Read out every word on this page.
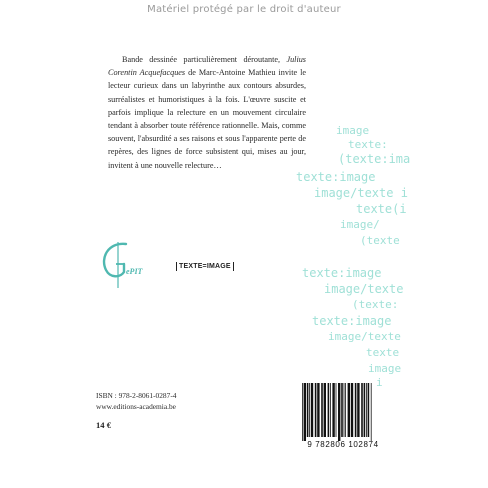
Matériel protégé par le droit d'auteur
Bande dessinée particulièrement déroutante, Julius Corentin Acquefacques de Marc-Antoine Mathieu invite le lecteur curieux dans un labyrinthe aux contours absurdes, surréalistes et humoristiques à la fois. L'œuvre suscite et parfois implique la relecture en un mouvement circulaire tendant à absorber toute référence rationnelle. Mais, comme souvent, l'absurdité a ses raisons et sous l'apparente perte de repères, des lignes de force subsistent qui, mises au jour, invitent à une nouvelle relecture…
image
texte:
(texte:ima
texte:image
image/texte i
texte(i
image/
(texte
texte:image
image/texte
(texte:
texte:image
image/texte
texte
image
i
ePIT
TEXTE=IMAGE
ISBN : 978-2-8061-0287-4
www.editions-academia.be
14 €
9 782806 102874
